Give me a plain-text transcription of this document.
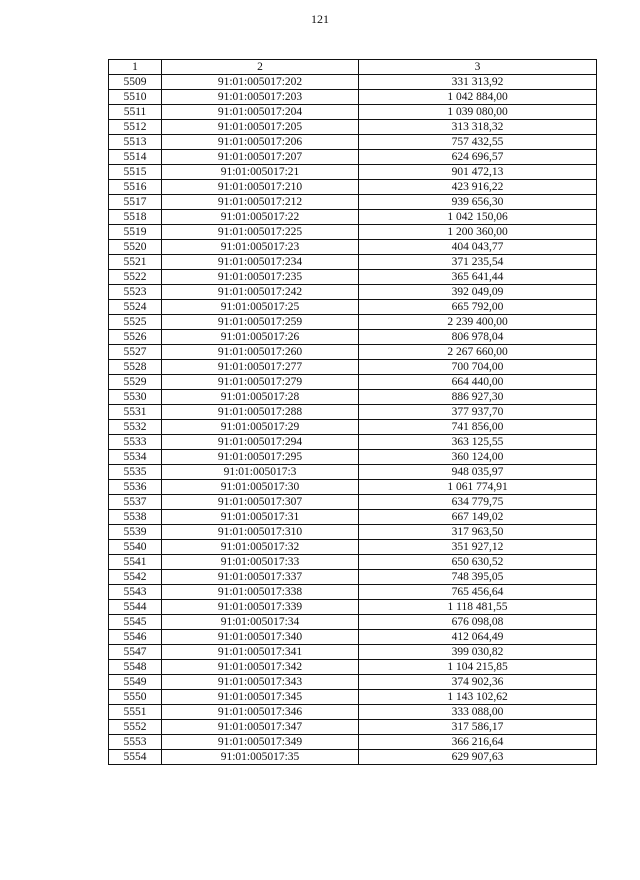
121
1	2	3
5509	91:01:005017:202	331 313,92
5510	91:01:005017:203	1 042 884,00
5511	91:01:005017:204	1 039 080,00
5512	91:01:005017:205	313 318,32
5513	91:01:005017:206	757 432,55
5514	91:01:005017:207	624 696,57
5515	91:01:005017:21	901 472,13
5516	91:01:005017:210	423 916,22
5517	91:01:005017:212	939 656,30
5518	91:01:005017:22	1 042 150,06
5519	91:01:005017:225	1 200 360,00
5520	91:01:005017:23	404 043,77
5521	91:01:005017:234	371 235,54
5522	91:01:005017:235	365 641,44
5523	91:01:005017:242	392 049,09
5524	91:01:005017:25	665 792,00
5525	91:01:005017:259	2 239 400,00
5526	91:01:005017:26	806 978,04
5527	91:01:005017:260	2 267 660,00
5528	91:01:005017:277	700 704,00
5529	91:01:005017:279	664 440,00
5530	91:01:005017:28	886 927,30
5531	91:01:005017:288	377 937,70
5532	91:01:005017:29	741 856,00
5533	91:01:005017:294	363 125,55
5534	91:01:005017:295	360 124,00
5535	91:01:005017:3	948 035,97
5536	91:01:005017:30	1 061 774,91
5537	91:01:005017:307	634 779,75
5538	91:01:005017:31	667 149,02
5539	91:01:005017:310	317 963,50
5540	91:01:005017:32	351 927,12
5541	91:01:005017:33	650 630,52
5542	91:01:005017:337	748 395,05
5543	91:01:005017:338	765 456,64
5544	91:01:005017:339	1 118 481,55
5545	91:01:005017:34	676 098,08
5546	91:01:005017:340	412 064,49
5547	91:01:005017:341	399 030,82
5548	91:01:005017:342	1 104 215,85
5549	91:01:005017:343	374 902,36
5550	91:01:005017:345	1 143 102,62
5551	91:01:005017:346	333 088,00
5552	91:01:005017:347	317 586,17
5553	91:01:005017:349	366 216,64
5554	91:01:005017:35	629 907,63
